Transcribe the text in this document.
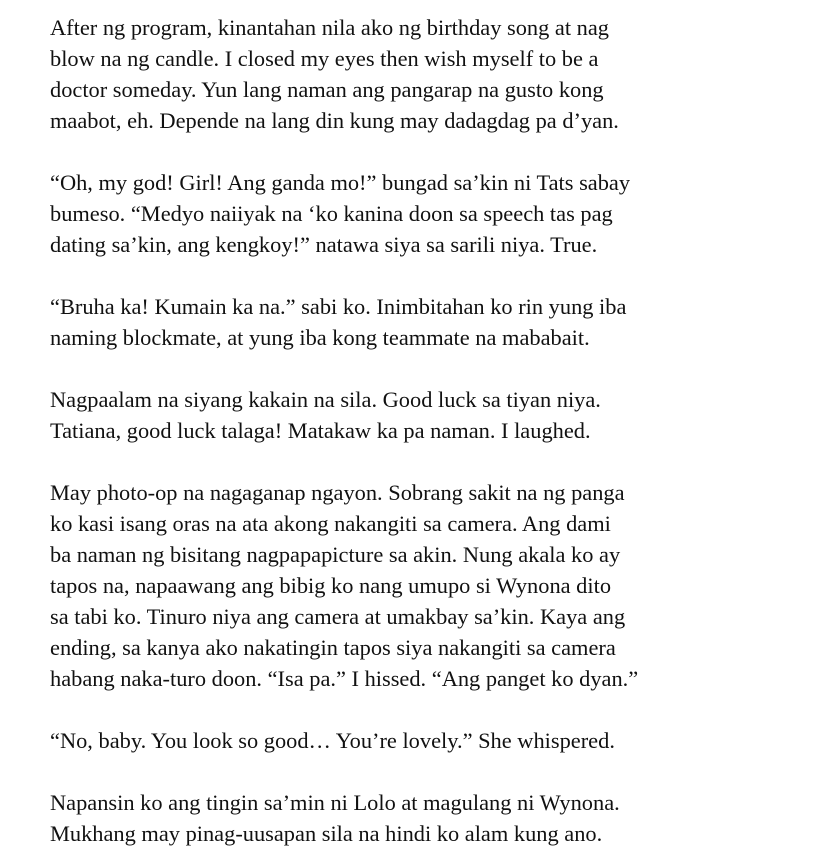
After ng program, kinantahan nila ako ng birthday song at nag
blow na ng candle. I closed my eyes then wish myself to be a
doctor someday. Yun lang naman ang pangarap na gusto kong
maabot, eh. Depende na lang din kung may dadagdag pa d’yan.

“Oh, my god! Girl! Ang ganda mo!” bungad sa’kin ni Tats sabay
bumeso. “Medyo naiiyak na ‘ko kanina doon sa speech tas pag
dating sa’kin, ang kengkoy!” natawa siya sa sarili niya. True.

“Bruha ka! Kumain ka na.” sabi ko. Inimbitahan ko rin yung iba
naming blockmate, at yung iba kong teammate na mababait.

Nagpaalam na siyang kakain na sila. Good luck sa tiyan niya.
Tatiana, good luck talaga! Matakaw ka pa naman. I laughed.

May photo-op na nagaganap ngayon. Sobrang sakit na ng panga
ko kasi isang oras na ata akong nakangiti sa camera. Ang dami
ba naman ng bisitang nagpapapicture sa akin. Nung akala ko ay
tapos na, napaawang ang bibig ko nang umupo si Wynona dito
sa tabi ko. Tinuro niya ang camera at umakbay sa’kin. Kaya ang
ending, sa kanya ako nakatingin tapos siya nakangiti sa camera
habang naka-turo doon. “Isa pa.” I hissed. “Ang panget ko dyan.”

“No, baby. You look so good… You’re lovely.” She whispered.

Napansin ko ang tingin sa’min ni Lolo at magulang ni Wynona.
Mukhang may pinag-uusapan sila na hindi ko alam kung ano.
